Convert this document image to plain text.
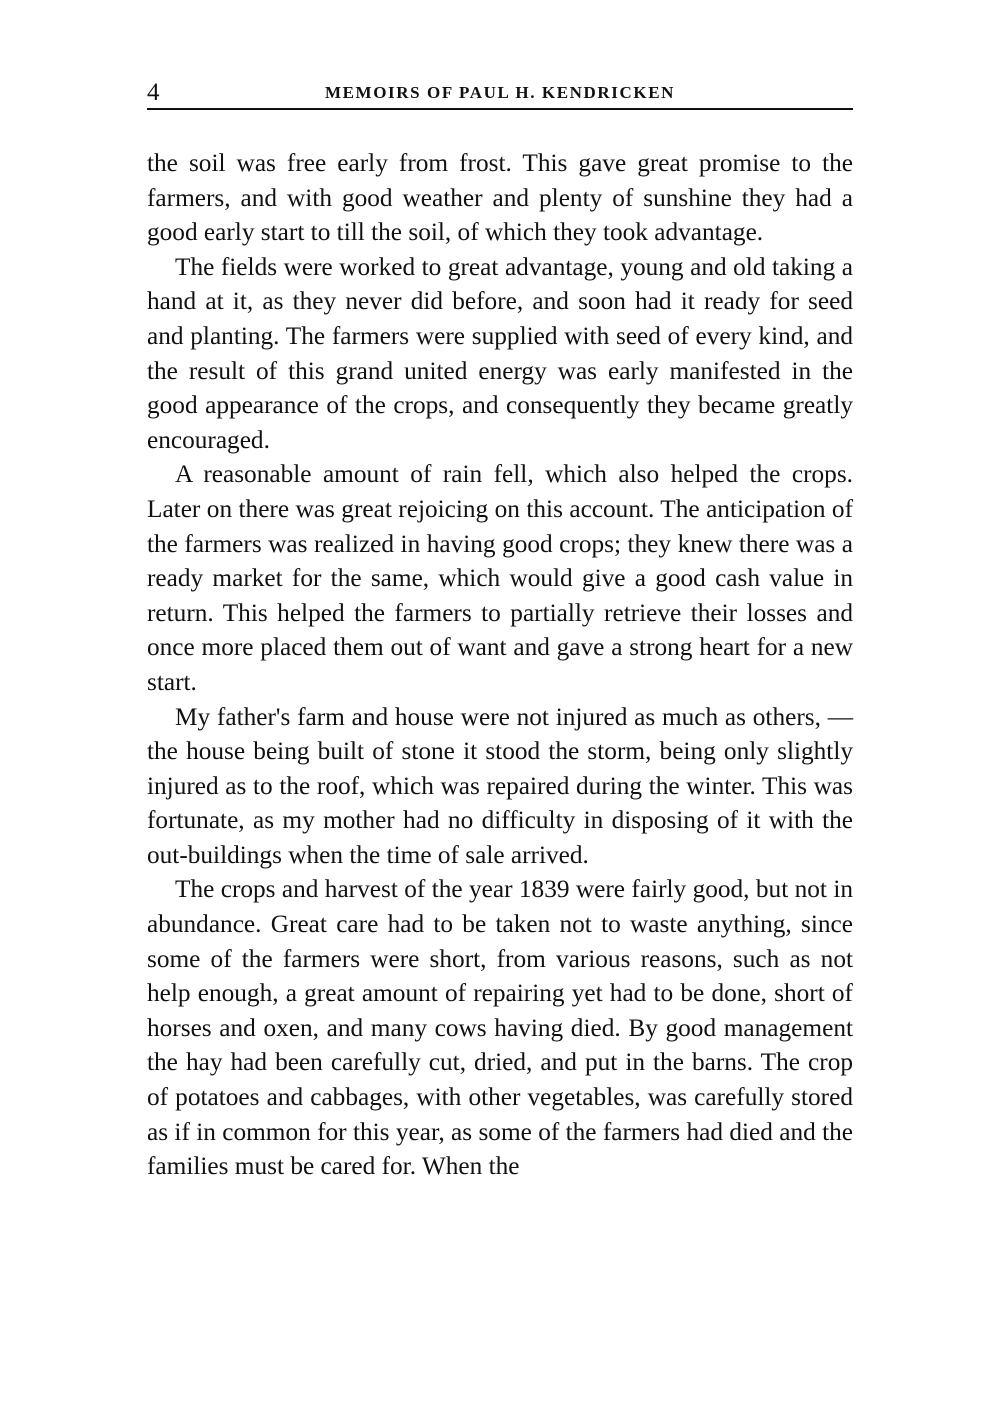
4	MEMOIRS OF PAUL H. KENDRICKEN

the soil was free early from frost. This gave great promise to the farmers, and with good weather and plenty of sunshine they had a good early start to till the soil, of which they took advantage.

The fields were worked to great advantage, young and old taking a hand at it, as they never did before, and soon had it ready for seed and planting. The farmers were supplied with seed of every kind, and the result of this grand united energy was early manifested in the good appearance of the crops, and consequently they became greatly encouraged.

A reasonable amount of rain fell, which also helped the crops. Later on there was great rejoicing on this account. The anticipation of the farmers was realized in having good crops; they knew there was a ready market for the same, which would give a good cash value in return. This helped the farmers to partially retrieve their losses and once more placed them out of want and gave a strong heart for a new start.

My father's farm and house were not injured as much as others, — the house being built of stone it stood the storm, being only slightly injured as to the roof, which was repaired during the winter. This was fortunate, as my mother had no difficulty in disposing of it with the out-buildings when the time of sale arrived.

The crops and harvest of the year 1839 were fairly good, but not in abundance. Great care had to be taken not to waste anything, since some of the farmers were short, from various reasons, such as not help enough, a great amount of repairing yet had to be done, short of horses and oxen, and many cows having died. By good management the hay had been carefully cut, dried, and put in the barns. The crop of potatoes and cabbages, with other vegetables, was carefully stored as if in common for this year, as some of the farmers had died and the families must be cared for. When the
